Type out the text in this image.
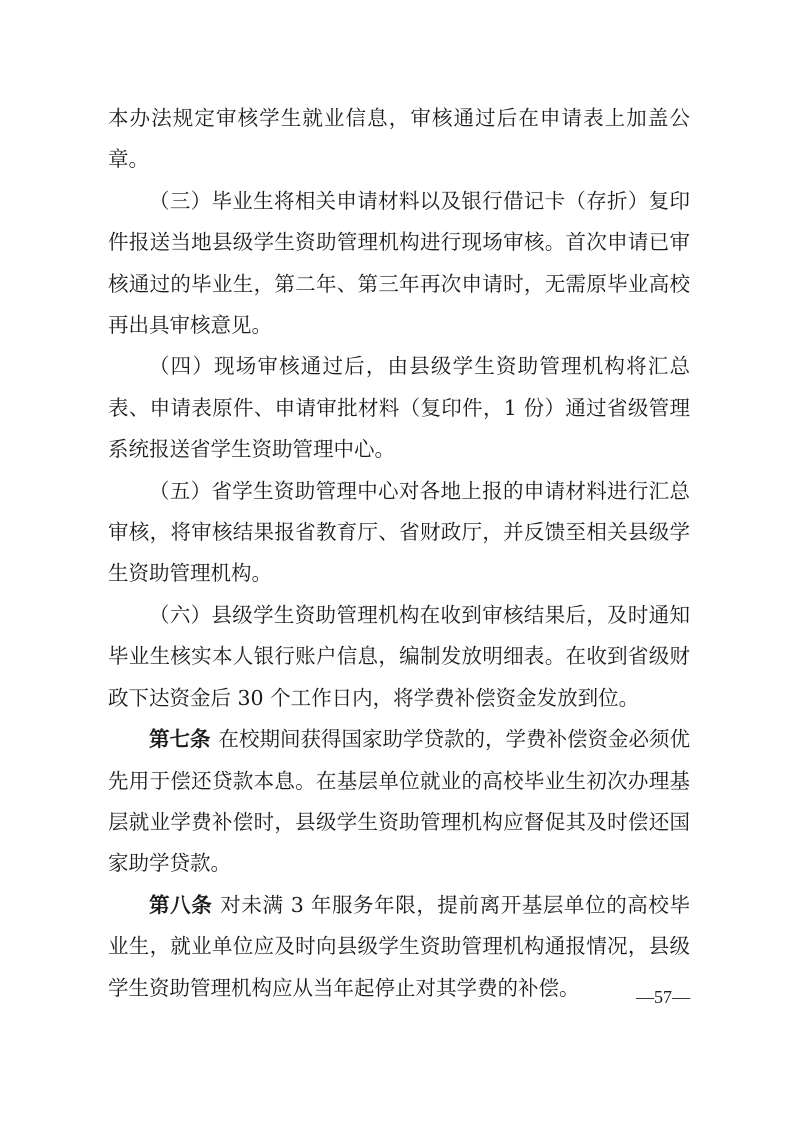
本办法规定审核学生就业信息，审核通过后在申请表上加盖公章。

（三）毕业生将相关申请材料以及银行借记卡（存折）复印件报送当地县级学生资助管理机构进行现场审核。首次申请已审核通过的毕业生，第二年、第三年再次申请时，无需原毕业高校再出具审核意见。

（四）现场审核通过后，由县级学生资助管理机构将汇总表、申请表原件、申请审批材料（复印件，1 份）通过省级管理系统报送省学生资助管理中心。

（五）省学生资助管理中心对各地上报的申请材料进行汇总审核，将审核结果报省教育厅、省财政厅，并反馈至相关县级学生资助管理机构。

（六）县级学生资助管理机构在收到审核结果后，及时通知毕业生核实本人银行账户信息，编制发放明细表。在收到省级财政下达资金后 30 个工作日内，将学费补偿资金发放到位。

第七条 在校期间获得国家助学贷款的，学费补偿资金必须优先用于偿还贷款本息。在基层单位就业的高校毕业生初次办理基层就业学费补偿时，县级学生资助管理机构应督促其及时偿还国家助学贷款。

第八条 对未满 3 年服务年限，提前离开基层单位的高校毕业生，就业单位应及时向县级学生资助管理机构通报情况，县级学生资助管理机构应从当年起停止对其学费的补偿。	—57—
